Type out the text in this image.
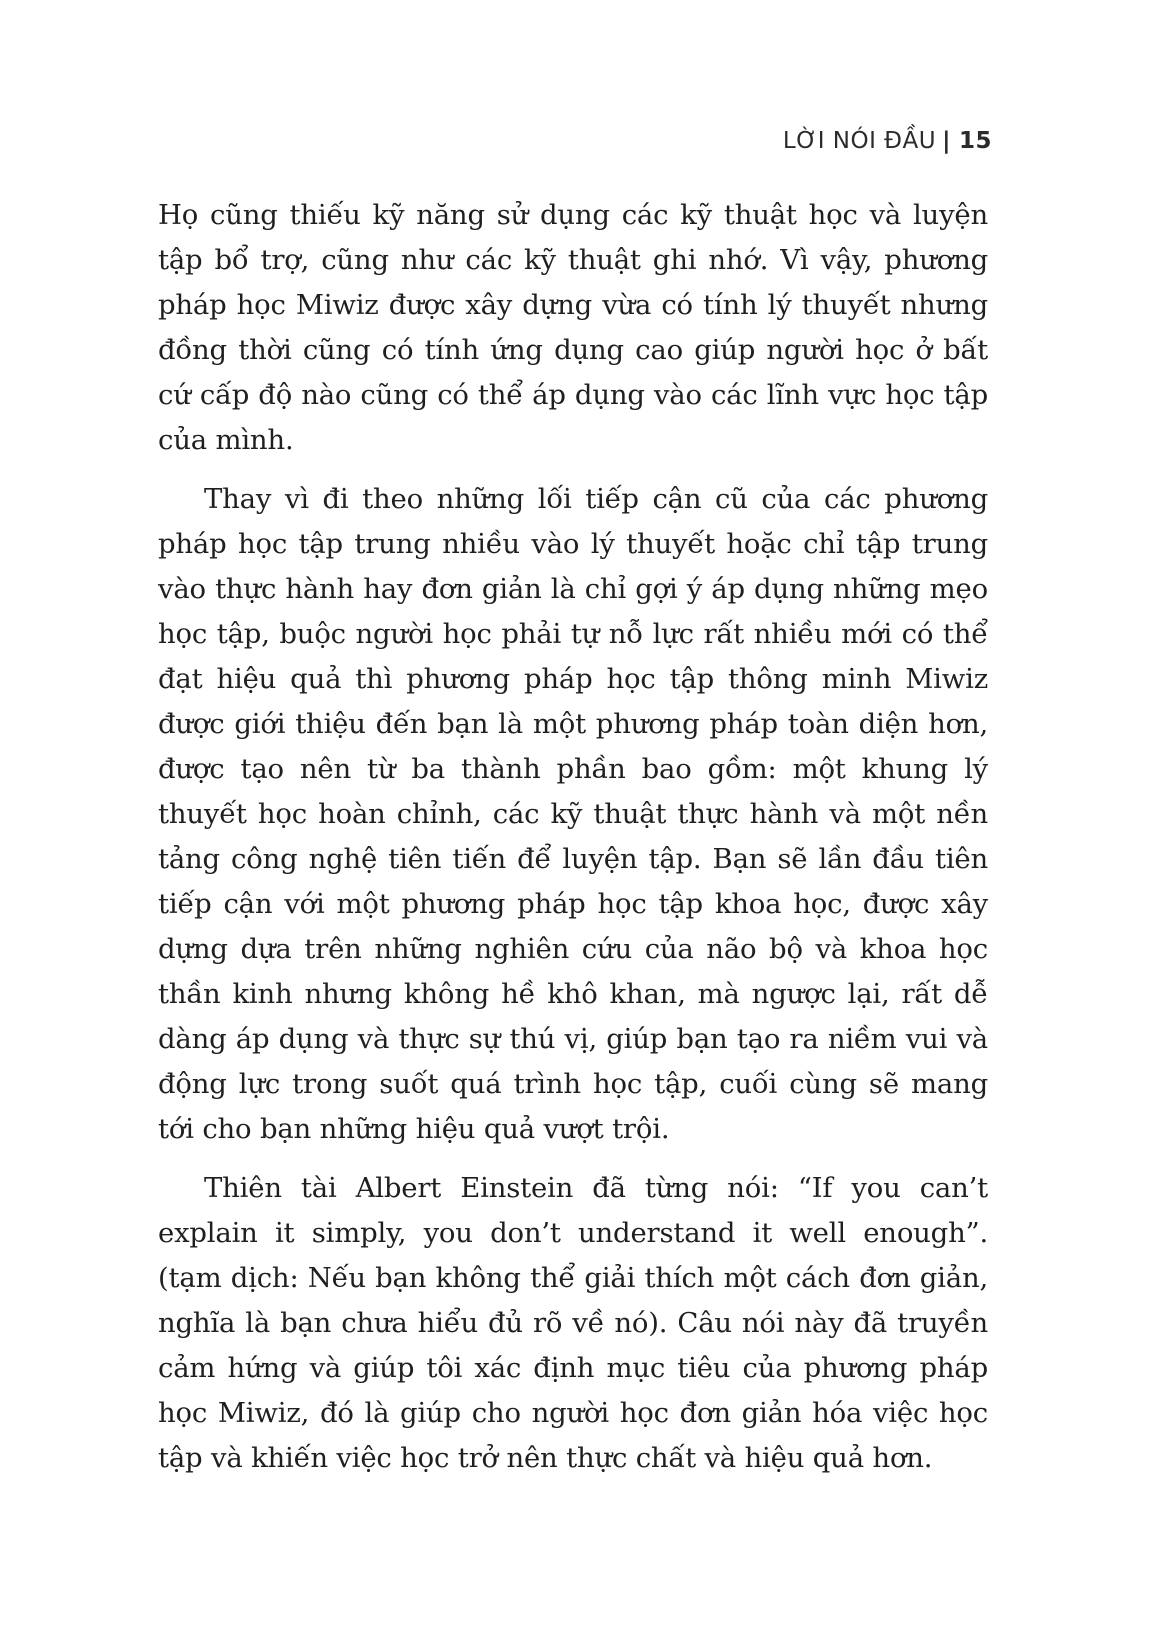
LỜI NÓI ĐẦU | 15

Họ cũng thiếu kỹ năng sử dụng các kỹ thuật học và luyện tập bổ trợ, cũng như các kỹ thuật ghi nhớ. Vì vậy, phương pháp học Miwiz được xây dựng vừa có tính lý thuyết nhưng đồng thời cũng có tính ứng dụng cao giúp người học ở bất cứ cấp độ nào cũng có thể áp dụng vào các lĩnh vực học tập của mình.

Thay vì đi theo những lối tiếp cận cũ của các phương pháp học tập trung nhiều vào lý thuyết hoặc chỉ tập trung vào thực hành hay đơn giản là chỉ gợi ý áp dụng những mẹo học tập, buộc người học phải tự nỗ lực rất nhiều mới có thể đạt hiệu quả thì phương pháp học tập thông minh Miwiz được giới thiệu đến bạn là một phương pháp toàn diện hơn, được tạo nên từ ba thành phần bao gồm: một khung lý thuyết học hoàn chỉnh, các kỹ thuật thực hành và một nền tảng công nghệ tiên tiến để luyện tập. Bạn sẽ lần đầu tiên tiếp cận với một phương pháp học tập khoa học, được xây dựng dựa trên những nghiên cứu của não bộ và khoa học thần kinh nhưng không hề khô khan, mà ngược lại, rất dễ dàng áp dụng và thực sự thú vị, giúp bạn tạo ra niềm vui và động lực trong suốt quá trình học tập, cuối cùng sẽ mang tới cho bạn những hiệu quả vượt trội.

Thiên tài Albert Einstein đã từng nói: “If you can’t explain it simply, you don’t understand it well enough”. (tạm dịch: Nếu bạn không thể giải thích một cách đơn giản, nghĩa là bạn chưa hiểu đủ rõ về nó). Câu nói này đã truyền cảm hứng và giúp tôi xác định mục tiêu của phương pháp học Miwiz, đó là giúp cho người học đơn giản hóa việc học tập và khiến việc học trở nên thực chất và hiệu quả hơn.
